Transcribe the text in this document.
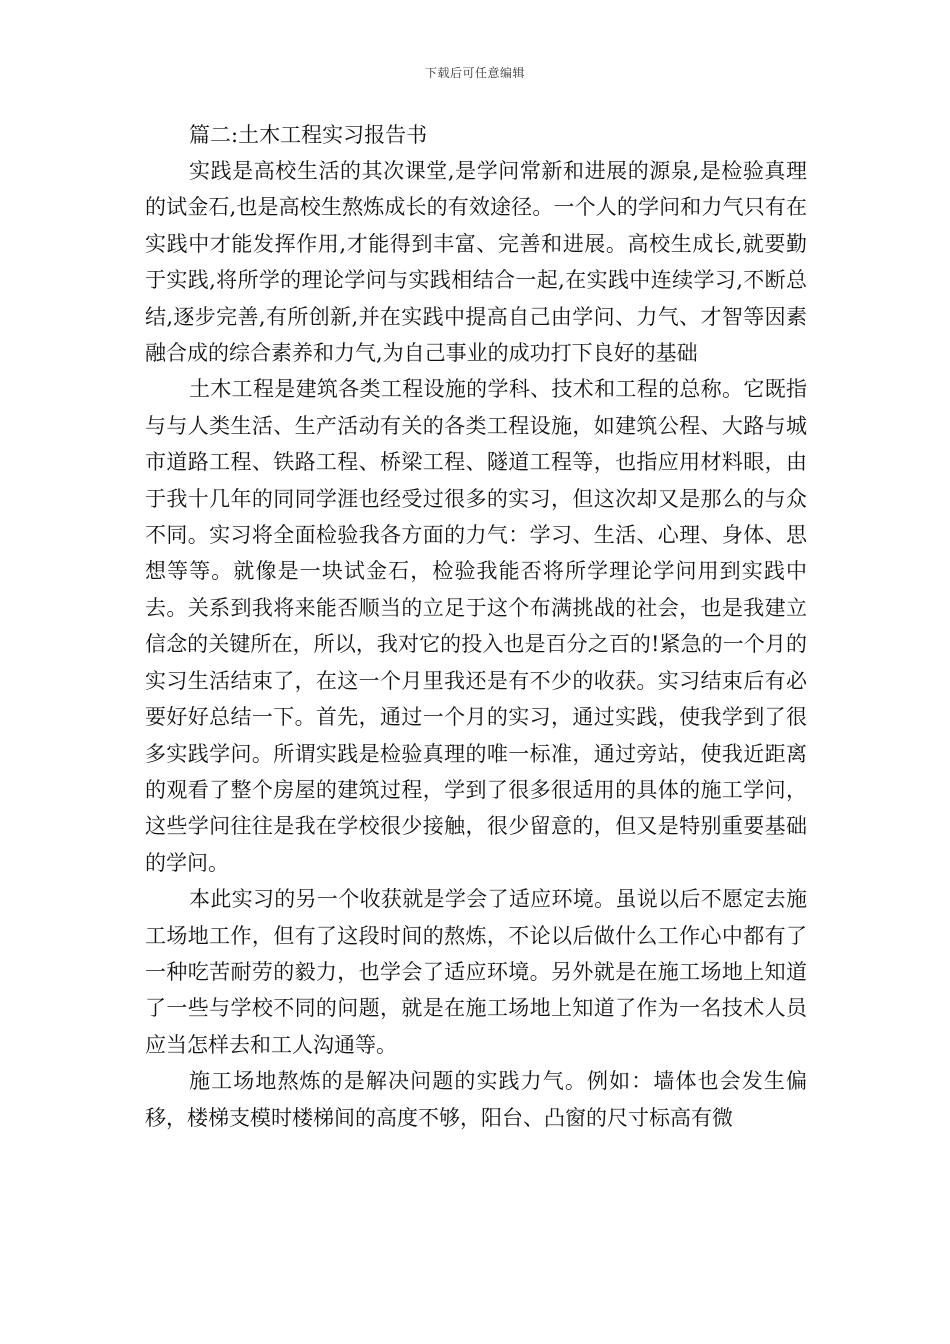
下载后可任意编辑
篇二:土木工程实习报告书

实践是高校生活的其次课堂,是学问常新和进展的源泉,是检验真理的试金石,也是高校生熬炼成长的有效途径。一个人的学问和力气只有在实践中才能发挥作用,才能得到丰富、完善和进展。高校生成长,就要勤于实践,将所学的理论学问与实践相结合一起,在实践中连续学习,不断总结,逐步完善,有所创新,并在实践中提高自己由学问、力气、才智等因素融合成的综合素养和力气,为自己事业的成功打下良好的基础

土木工程是建筑各类工程设施的学科、技术和工程的总称。它既指与与人类生活、生产活动有关的各类工程设施，如建筑公程、大路与城市道路工程、铁路工程、桥梁工程、隧道工程等，也指应用材料眼，由于我十几年的同同学涯也经受过很多的实习，但这次却又是那么的与众不同。实习将全面检验我各方面的力气：学习、生活、心理、身体、思想等等。就像是一块试金石，检验我能否将所学理论学问用到实践中去。关系到我将来能否顺当的立足于这个布满挑战的社会，也是我建立信念的关键所在，所以，我对它的投入也是百分之百的!紧急的一个月的实习生活结束了，在这一个月里我还是有不少的收获。实习结束后有必要好好总结一下。首先，通过一个月的实习，通过实践，使我学到了很多实践学问。所谓实践是检验真理的唯一标准，通过旁站，使我近距离的观看了整个房屋的建筑过程，学到了很多很适用的具体的施工学问，这些学问往往是我在学校很少接触，很少留意的，但又是特别重要基础的学问。

本此实习的另一个收获就是学会了适应环境。虽说以后不愿定去施工场地工作，但有了这段时间的熬炼，不论以后做什么工作心中都有了一种吃苦耐劳的毅力，也学会了适应环境。另外就是在施工场地上知道了一些与学校不同的问题，就是在施工场地上知道了作为一名技术人员应当怎样去和工人沟通等。

施工场地熬炼的是解决问题的实践力气。例如：墙体也会发生偏移，楼梯支模时楼梯间的高度不够，阳台、凸窗的尺寸标高有微
